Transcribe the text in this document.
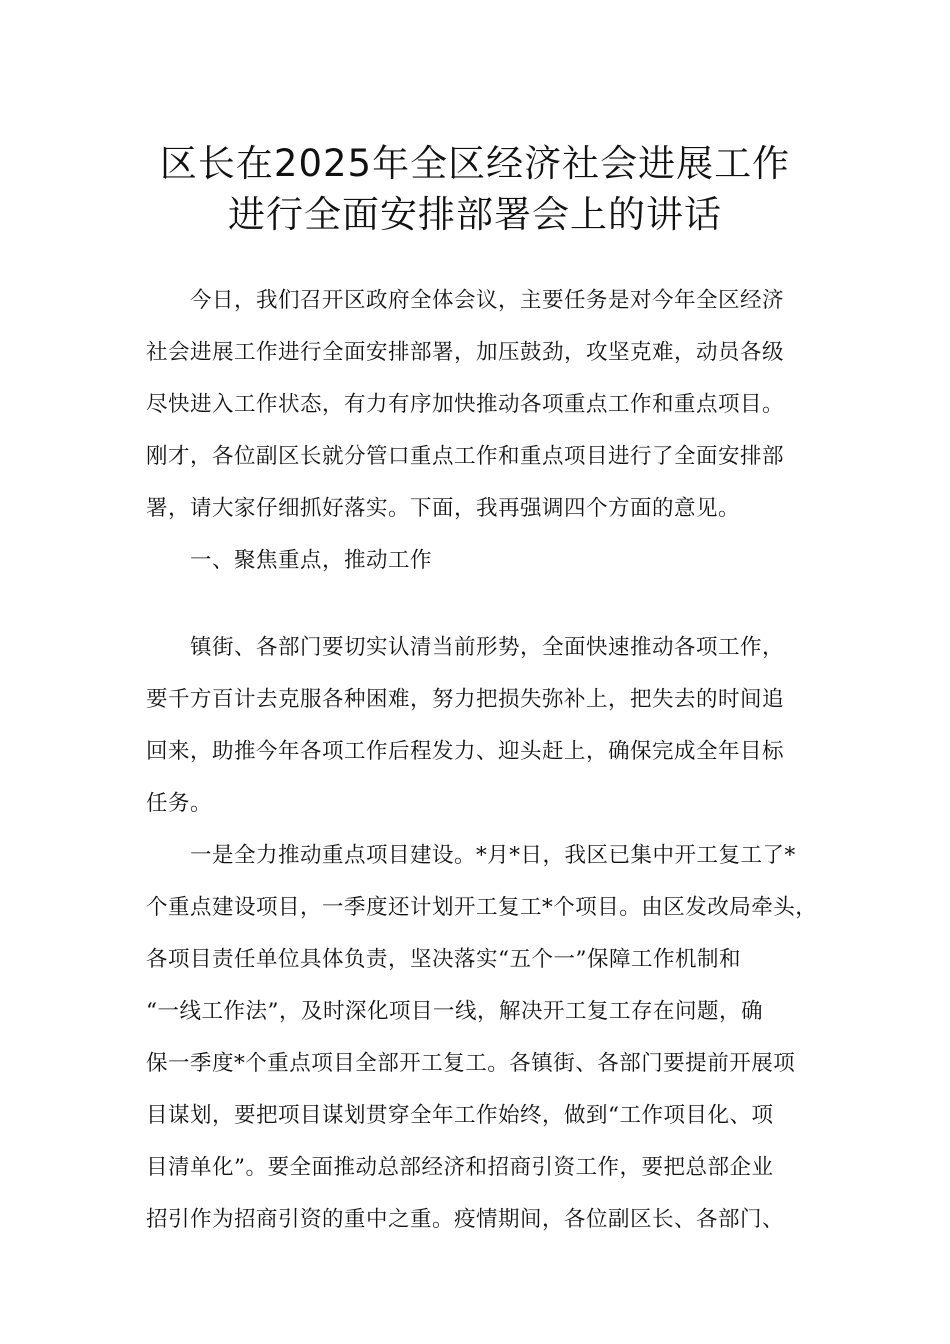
区长在2025年全区经济社会进展工作
进行全面安排部署会上的讲话
今日，我们召开区政府全体会议，主要任务是对今年全区经济
社会进展工作进行全面安排部署，加压鼓劲，攻坚克难，动员各级
尽快进入工作状态，有力有序加快推动各项重点工作和重点项目。
刚才，各位副区长就分管口重点工作和重点项目进行了全面安排部
署，请大家仔细抓好落实。下面，我再强调四个方面的意见。
一、聚焦重点，推动工作
镇街、各部门要切实认清当前形势，全面快速推动各项工作，
要千方百计去克服各种困难，努力把损失弥补上，把失去的时间追
回来，助推今年各项工作后程发力、迎头赶上，确保完成全年目标
任务。
一是全力推动重点项目建设。*月*日，我区已集中开工复工了*
个重点建设项目，一季度还计划开工复工*个项目。由区发改局牵头，
各项目责任单位具体负责，坚决落实“五个一”保障工作机制和
“一线工作法”，及时深化项目一线，解决开工复工存在问题，确
保一季度*个重点项目全部开工复工。各镇街、各部门要提前开展项
目谋划，要把项目谋划贯穿全年工作始终，做到“工作项目化、项
目清单化”。要全面推动总部经济和招商引资工作，要把总部企业
招引作为招商引资的重中之重。疫情期间，各位副区长、各部门、
